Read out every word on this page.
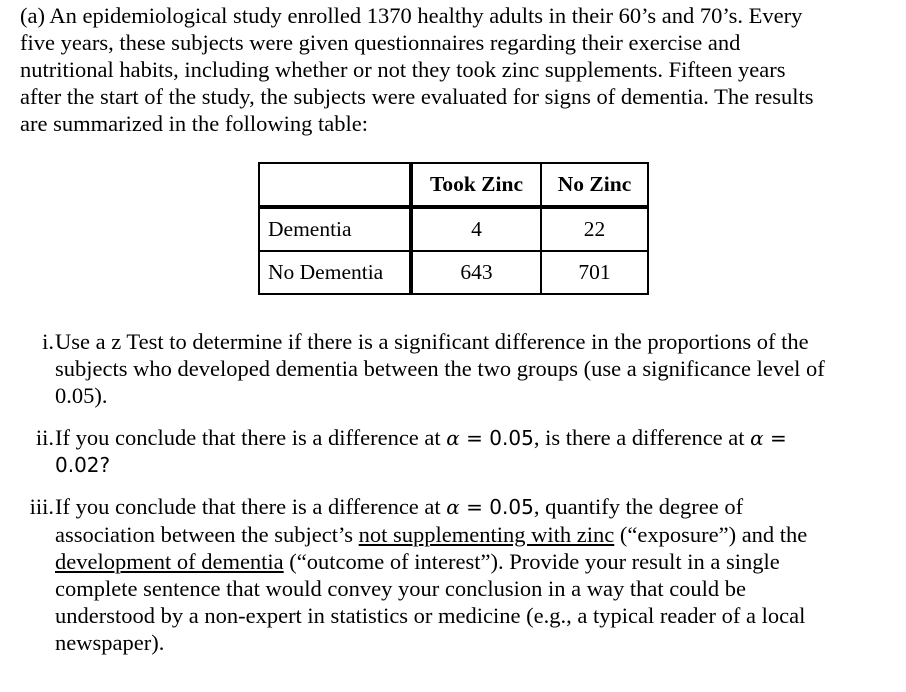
(a) An epidemiological study enrolled 1370 healthy adults in their 60’s and 70’s. Every
five years, these subjects were given questionnaires regarding their exercise and
nutritional habits, including whether or not they took zinc supplements. Fifteen years
after the start of the study, the subjects were evaluated for signs of dementia. The results
are summarized in the following table:
	Took Zinc	No Zinc
Dementia	4	22
No Dementia	643	701
i. Use a z Test to determine if there is a significant difference in the proportions of the
subjects who developed dementia between the two groups (use a significance level of
0.05).
ii. If you conclude that there is a difference at α = 0.05, is there a difference at α =
0.02?
iii. If you conclude that there is a difference at α = 0.05, quantify the degree of
association between the subject’s not supplementing with zinc (“exposure”) and the
development of dementia (“outcome of interest”). Provide your result in a single
complete sentence that would convey your conclusion in a way that could be
understood by a non-expert in statistics or medicine (e.g., a typical reader of a local
newspaper).
